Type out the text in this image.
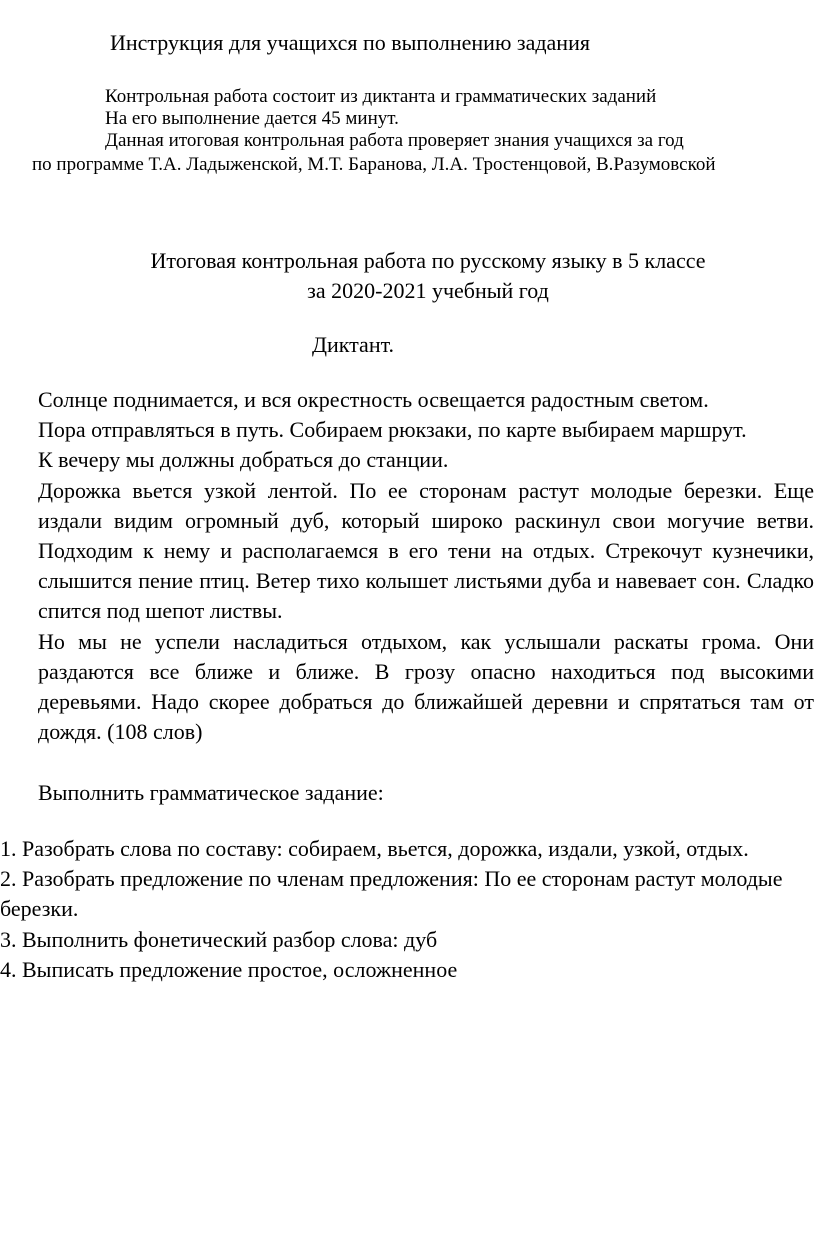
Инструкция для учащихся по выполнению задания
Контрольная работа состоит из диктанта и грамматических заданий
На его выполнение дается 45 минут.
Данная итоговая контрольная работа проверяет знания учащихся за год
по программе Т.А. Ладыженской, М.Т. Баранова, Л.А. Тростенцовой, В.Разумовской
Итоговая контрольная работа по русскому языку в 5 классе
за 2020-2021 учебный год
Диктант.

Солнце поднимается, и вся окрестность освещается радостным светом.

Пора отправляться в путь. Собираем рюкзаки, по карте выбираем маршрут.

К вечеру мы должны добраться до станции.

Дорожка вьется узкой лентой. По ее сторонам растут молодые березки. Еще издали видим огромный дуб, который широко раскинул свои могучие ветви. Подходим к нему и располагаемся в его тени на отдых. Стрекочут кузнечики, слышится пение птиц. Ветер тихо колышет листьями дуба и навевает сон. Сладко спится под шепот листвы.

Но мы не успели насладиться отдыхом, как услышали раскаты грома. Они раздаются все ближе и ближе. В грозу опасно находиться под высокими деревьями. Надо скорее добраться до ближайшей деревни и спрятаться там от дождя. (108 слов)

Выполнить грамматическое задание:
1. Разобрать слова по составу: собираем, вьется, дорожка, издали, узкой, отдых.
2. Разобрать предложение по членам предложения: По ее сторонам растут молодые березки.
3. Выполнить фонетический разбор слова: дуб
4. Выписать предложение простое, осложненное
